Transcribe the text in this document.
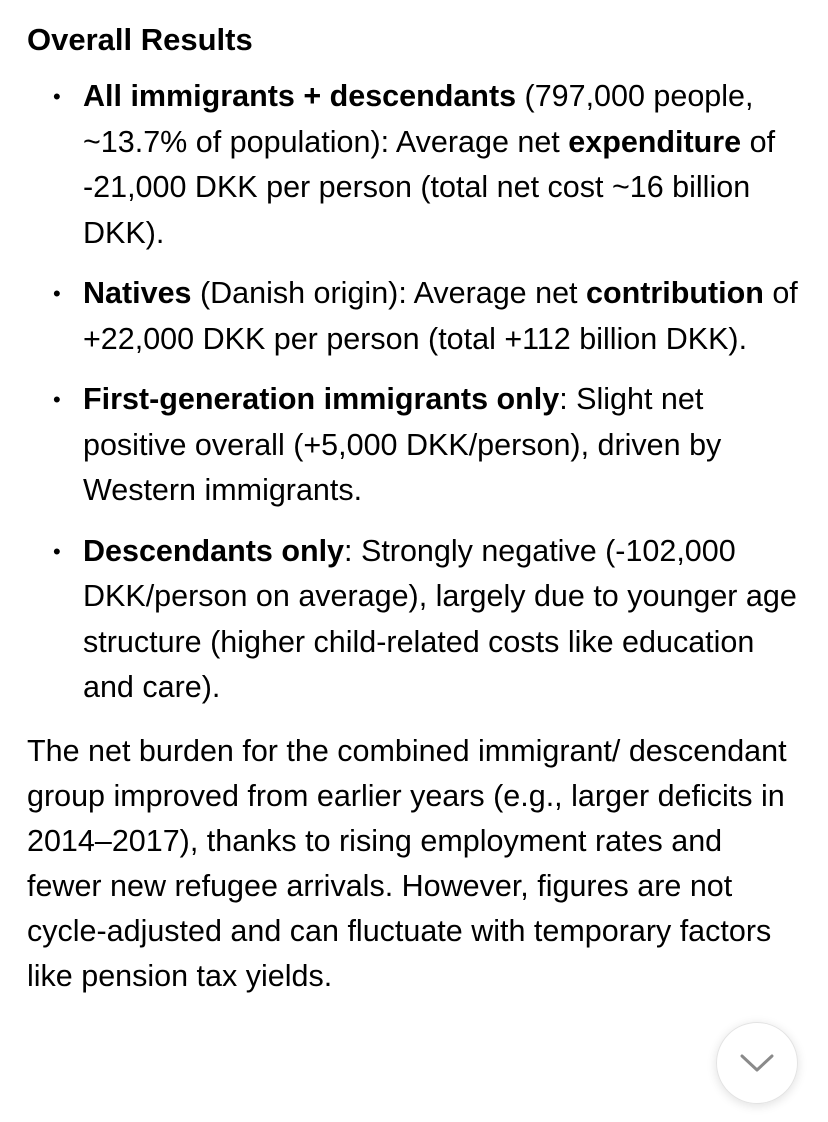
Overall Results
• All immigrants + descendants (797,000 people, ~13.7% of population): Average net expenditure of -21,000 DKK per person (total net cost ~16 billion DKK).
• Natives (Danish origin): Average net contribution of +22,000 DKK per person (total +112 billion DKK).
• First-generation immigrants only: Slight net positive overall (+5,000 DKK/person), driven by Western immigrants.
• Descendants only: Strongly negative (-102,000 DKK/person on average), largely due to younger age structure (higher child-related costs like education and care).

The net burden for the combined immigrant/ descendant group improved from earlier years (e.g., larger deficits in 2014–2017), thanks to rising employment rates and fewer new refugee arrivals. However, figures are not cycle-adjusted and can fluctuate with temporary factors like pension tax yields.
